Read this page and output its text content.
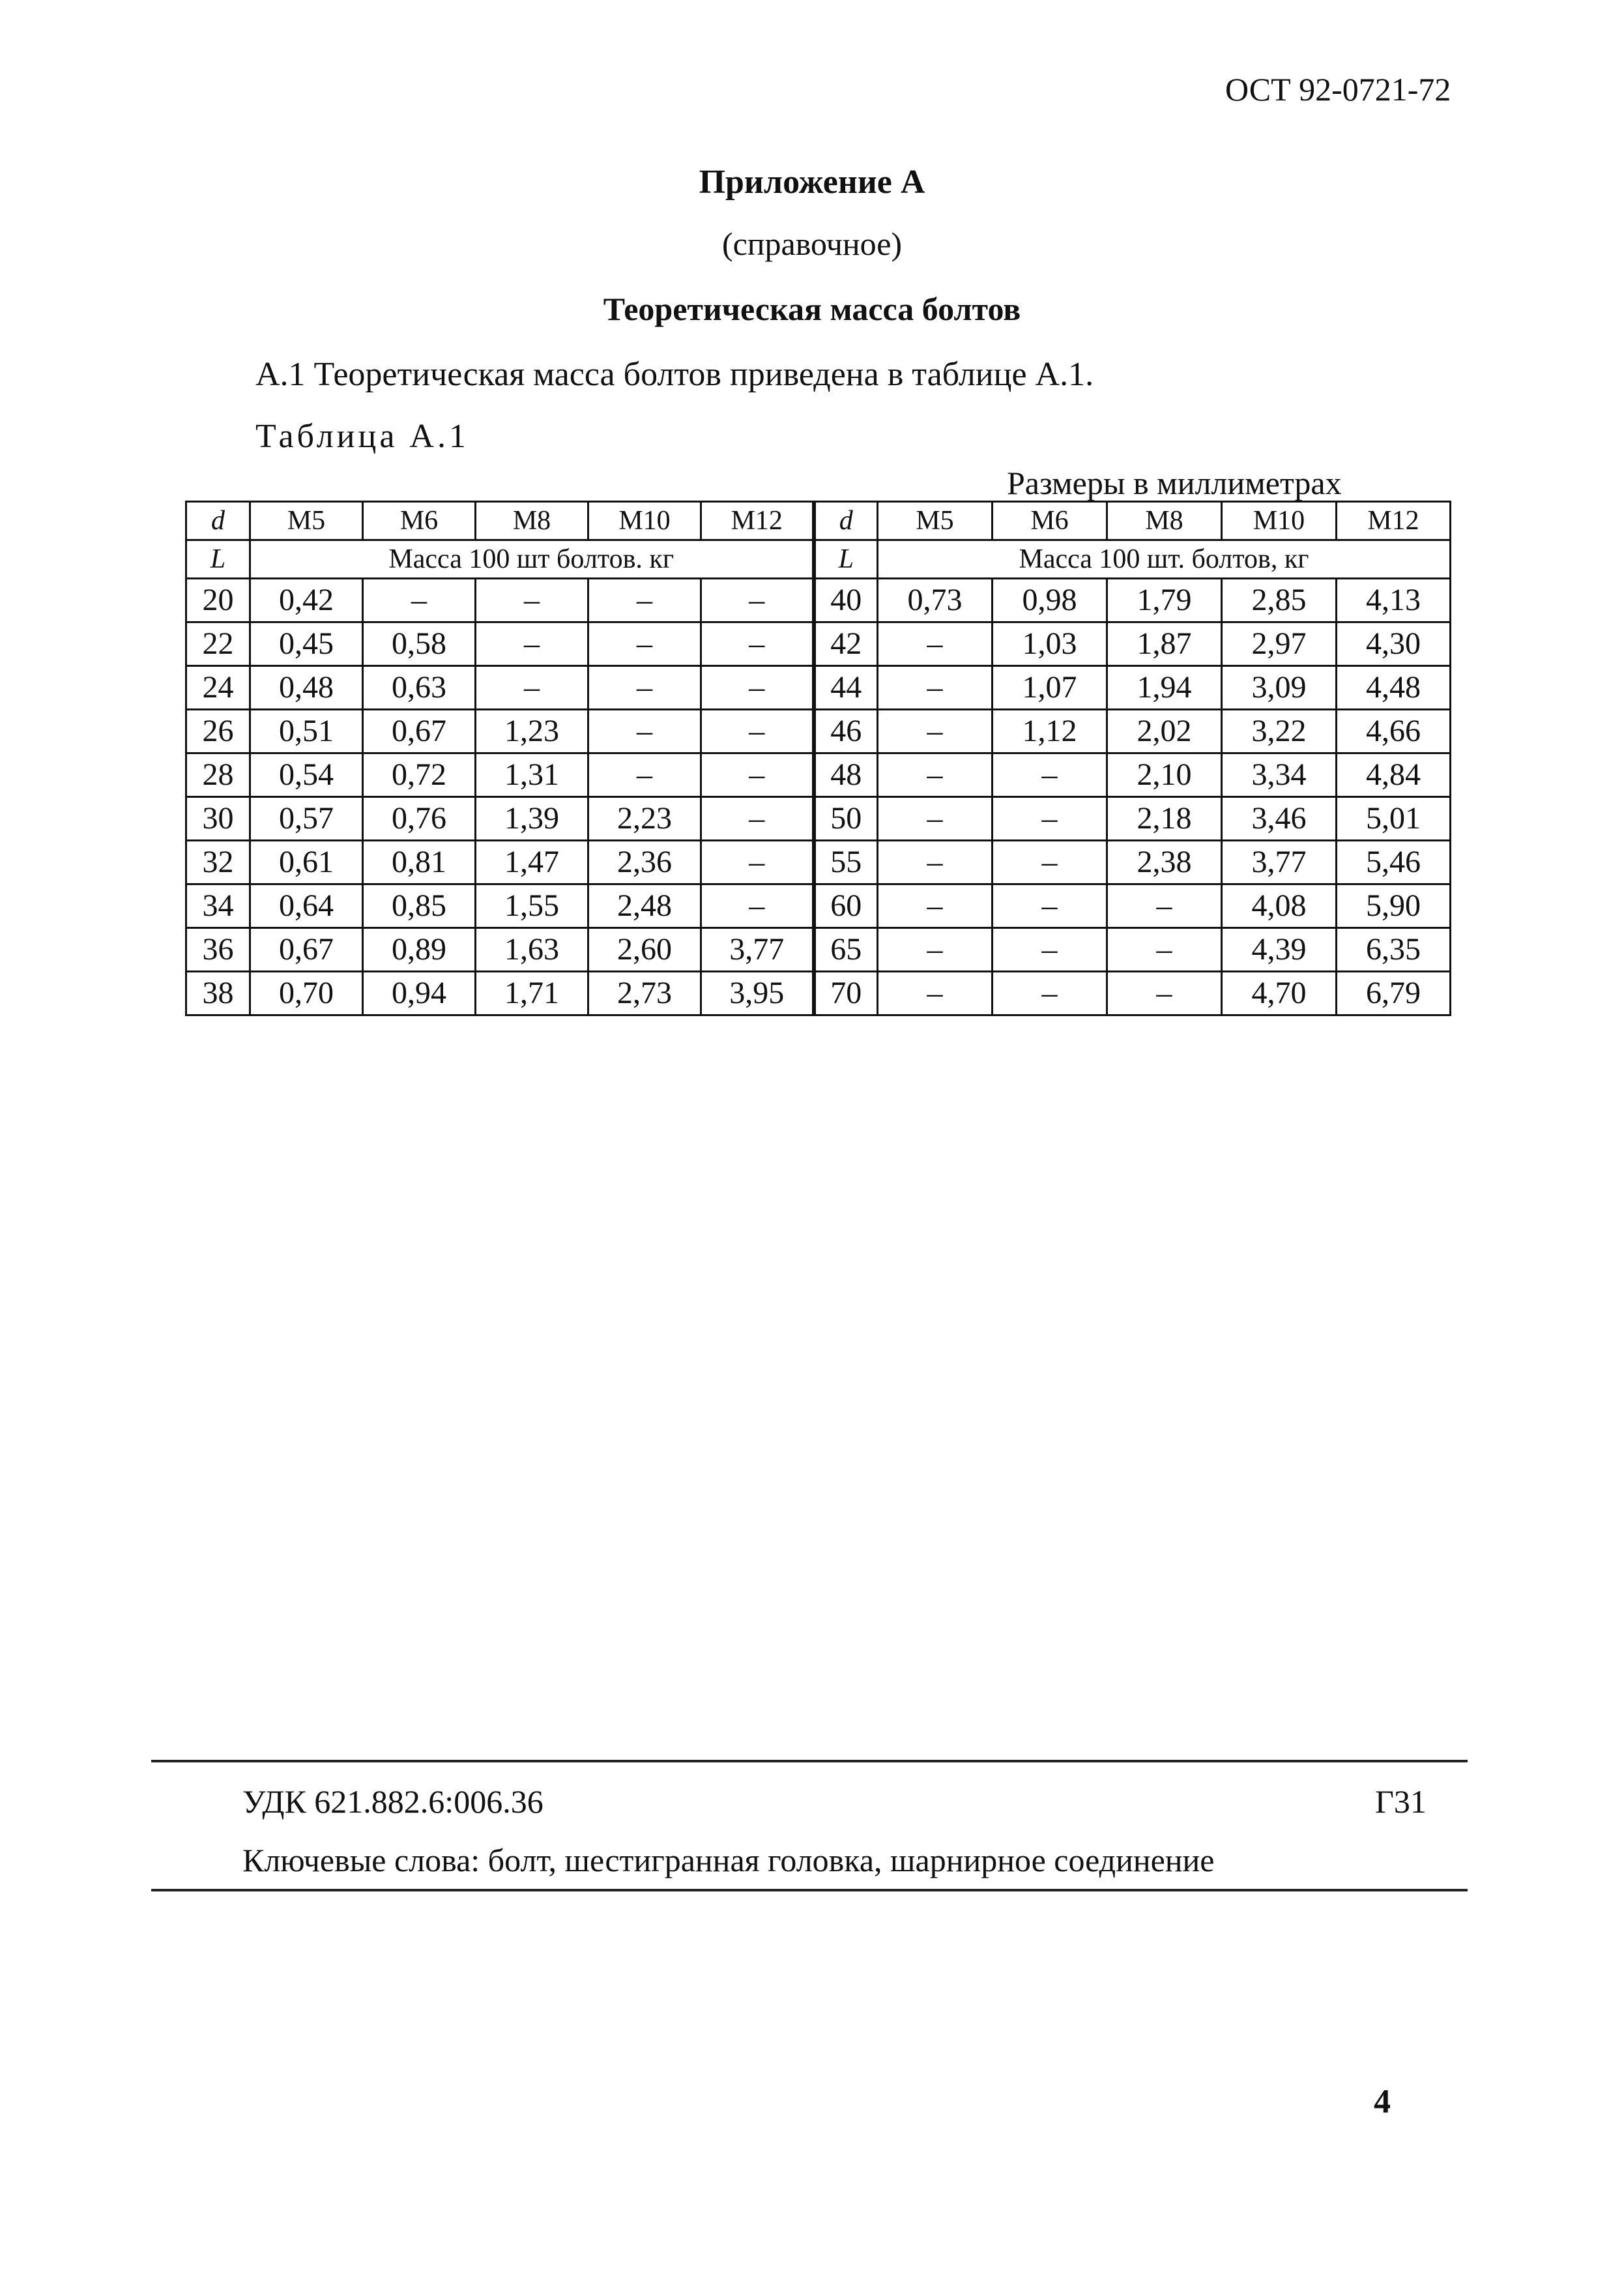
ОСТ 92-0721-72
Приложение А
(справочное)
Теоретическая масса болтов
А.1 Теоретическая масса болтов приведена в таблице А.1.
Таблица А.1
Размеры в миллиметрах
d	М5	М6	М8	М10	М12	d	М5	М6	М8	М10	М12
L	Масса 100 шт болтов. кг					L	Масса 100 шт. болтов, кг				
20	0,42	–	–	–	–	40	0,73	0,98	1,79	2,85	4,13
22	0,45	0,58	–	–	–	42	–	1,03	1,87	2,97	4,30
24	0,48	0,63	–	–	–	44	–	1,07	1,94	3,09	4,48
26	0,51	0,67	1,23	–	–	46	–	1,12	2,02	3,22	4,66
28	0,54	0,72	1,31	–	–	48	–	–	2,10	3,34	4,84
30	0,57	0,76	1,39	2,23	–	50	–	–	2,18	3,46	5,01
32	0,61	0,81	1,47	2,36	–	55	–	–	2,38	3,77	5,46
34	0,64	0,85	1,55	2,48	–	60	–	–	–	4,08	5,90
36	0,67	0,89	1,63	2,60	3,77	65	–	–	–	4,39	6,35
38	0,70	0,94	1,71	2,73	3,95	70	–	–	–	4,70	6,79
УДК 621.882.6:006.36	Г31
Ключевые слова: болт, шестигранная головка, шарнирное соединение
4
